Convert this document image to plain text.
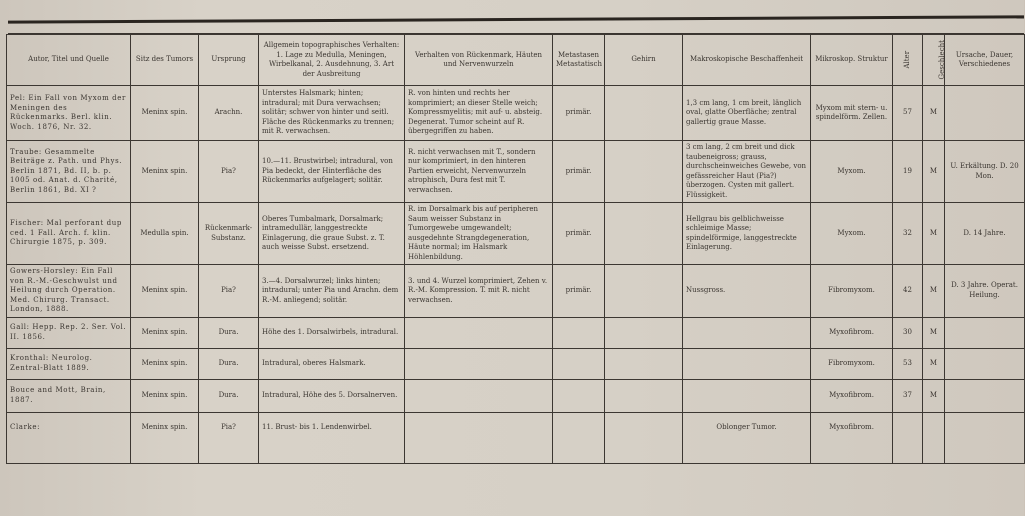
Autor, Titel und Quelle	Sitz des Tumors	Ursprung	Allgemein topographisches Verhalten: 1. Lage zu Medulla, Meningen, Wirbelkanal, 2. Ausdehnung, 3. Art der Ausbreitung	Verhalten von Rückenmark, Häuten und Nervenwurzeln	Metastasen Metastatisch	Gehirn	Makroskopische Beschaffenheit	Mikroskop. Struktur	Alter	Geschlecht	Ursache, Dauer, Verschiedenes
Pel: Ein Fall von Myxom der Meningen des Rückenmarks. Berl. klin. Woch. 1876, Nr. 32.	Meninx spin.	Arachn.	Unterstes Halsmark; hinten; intradural; mit Dura verwachsen; solitär; schwer von hinter und seitl. Fläche des Rückenmarks zu trennen; mit R. verwachsen.	R. von hinten und rechts her komprimiert; an dieser Stelle weich; Kompressmyelitis; mit auf- u. absteig. Degenerat. Tumor scheint auf R. übergegriffen zu haben.	primär.		1,3 cm lang, 1 cm breit, länglich oval, glatte Oberfläche; zentral gallertig graue Masse.	Myxom mit stern- u. spindelförm. Zellen.	57	M	
Traube: Gesammelte Beiträge z. Path. und Phys. Berlin 1871, Bd. II, b. p. 1005 od. Anat. d. Charité, Berlin 1861, Bd. XI ?	Meninx spin.	Pia?	10.—11. Brustwirbel; intradural, von Pia bedeckt, der Hinterfläche des Rückenmarks aufgelagert; solitär.	R. nicht verwachsen mit T., sondern nur komprimiert, in den hinteren Partien erweicht, Nervenwurzeln atrophisch, Dura fest mit T. verwachsen.	primär.		3 cm lang, 2 cm breit und dick taubeneigross; grauss, durchscheinweiches Gewebe, von gefässreicher Haut (Pia?) überzogen. Cysten mit gallert. Flüssigkeit.	Myxom.	19	M	U. Erkältung. D. 20 Mon.
Fischer: Mal perforant dup ced. 1 Fall. Arch. f. klin. Chirurgie 1875, p. 309.	Medulla spin.	Rückenmark-Substanz.	Oberes Tumbalmark, Dorsalmark; intramedullär, langgestreckte Einlagerung, die graue Subst. z. T. auch weisse Subst. ersetzend.	R. im Dorsalmark bis auf peripheren Saum weisser Substanz in Tumorgewebe umgewandelt; ausgedehnte Strangdegeneration, Häute normal; im Halsmark Höhlenbildung.	primär.		Hellgrau bis gelblichweisse schleimige Masse; spindelförmige, langgestreckte Einlagerung.	Myxom.	32	M	D. 14 Jahre.
Gowers-Horsley: Ein Fall von R.-M.-Geschwulst und Heilung durch Operation. Med. Chirurg. Transact. London, 1888.	Meninx spin.	Pia?	3.—4. Dorsalwurzel; links hinten; intradural; unter Pia und Arachn. dem R.-M. anliegend; solitär.	3. und 4. Wurzel komprimiert, Zehen v. R.-M. Kompression. T. mit R. nicht verwachsen.	primär.		Nussgross.	Fibromyxom.	42	M	D. 3 Jahre. Operat. Heilung.
Gall: Hepp. Rep. 2. Ser. Vol. II. 1856.	Meninx spin.	Dura.	Höhe des 1. Dorsalwirbels, intradural.					Myxofibrom.	30	M	
Kronthal: Neurolog. Zentral-Blatt 1889.	Meninx spin.	Dura.	Intradural, oberes Halsmark.					Fibromyxom.	53	M	
Bouce and Mott, Brain, 1887.	Meninx spin.	Dura.	Intradural, Höhe des 5. Dorsalnerven.					Myxofibrom.	37	M	
Clarke:	Meninx spin.	Pia?	11. Brust- bis 1. Lendenwirbel.				Oblonger Tumor.	Myxofibrom.			
